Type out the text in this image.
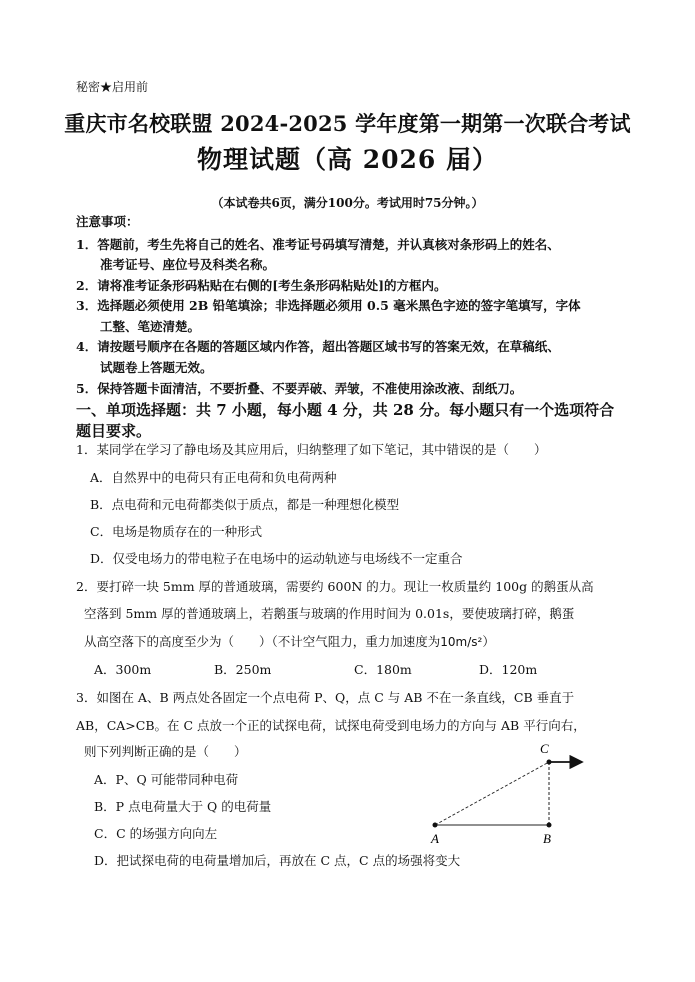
秘密★启用前
重庆市名校联盟 2024-2025 学年度第一期第一次联合考试
物理试题（高 2026 届）
（本试卷共6页，满分100分。考试用时75分钟。）
注意事项：
1．答题前，考生先将自己的姓名、准考证号码填写清楚，并认真核对条形码上的姓名、
准考证号、座位号及科类名称。
2．请将准考证条形码粘贴在右侧的[考生条形码粘贴处]的方框内。
3．选择题必须使用 2B 铅笔填涂；非选择题必须用 0.5 毫米黑色字迹的签字笔填写，字体
工整、笔迹清楚。
4．请按题号顺序在各题的答题区域内作答，超出答题区域书写的答案无效，在草稿纸、
试题卷上答题无效。
5．保持答题卡面清洁，不要折叠、不要弄破、弄皱，不准使用涂改液、刮纸刀。
一、单项选择题：共 7 小题，每小题 4 分，共 28 分。每小题只有一个选项符合
题目要求。
1．某同学在学习了静电场及其应用后，归纳整理了如下笔记，其中错误的是（　　）
A．自然界中的电荷只有正电荷和负电荷两种
B．点电荷和元电荷都类似于质点，都是一种理想化模型
C．电场是物质存在的一种形式
D．仅受电场力的带电粒子在电场中的运动轨迹与电场线不一定重合
2．要打碎一块 5mm 厚的普通玻璃，需要约 600N 的力。现让一枚质量约 100g 的鹅蛋从高
空落到 5mm 厚的普通玻璃上，若鹅蛋与玻璃的作用时间为 0.01s，要使玻璃打碎，鹅蛋
从高空落下的高度至少为（　　）（不计空气阻力，重力加速度为10m/s²）
A．300m	B．250m	C．180m	D．120m
3．如图在 A、B 两点处各固定一个点电荷 P、Q，点 C 与 AB 不在一条直线，CB 垂直于
AB，CA>CB。在 C 点放一个正的试探电荷，试探电荷受到电场力的方向与 AB 平行向右，
则下列判断正确的是（　　）
A．P、Q 可能带同种电荷
B．P 点电荷量大于 Q 的电荷量
C．C 的场强方向向左
D．把试探电荷的电荷量增加后，再放在 C 点，C 点的场强将变大
A	B
C
